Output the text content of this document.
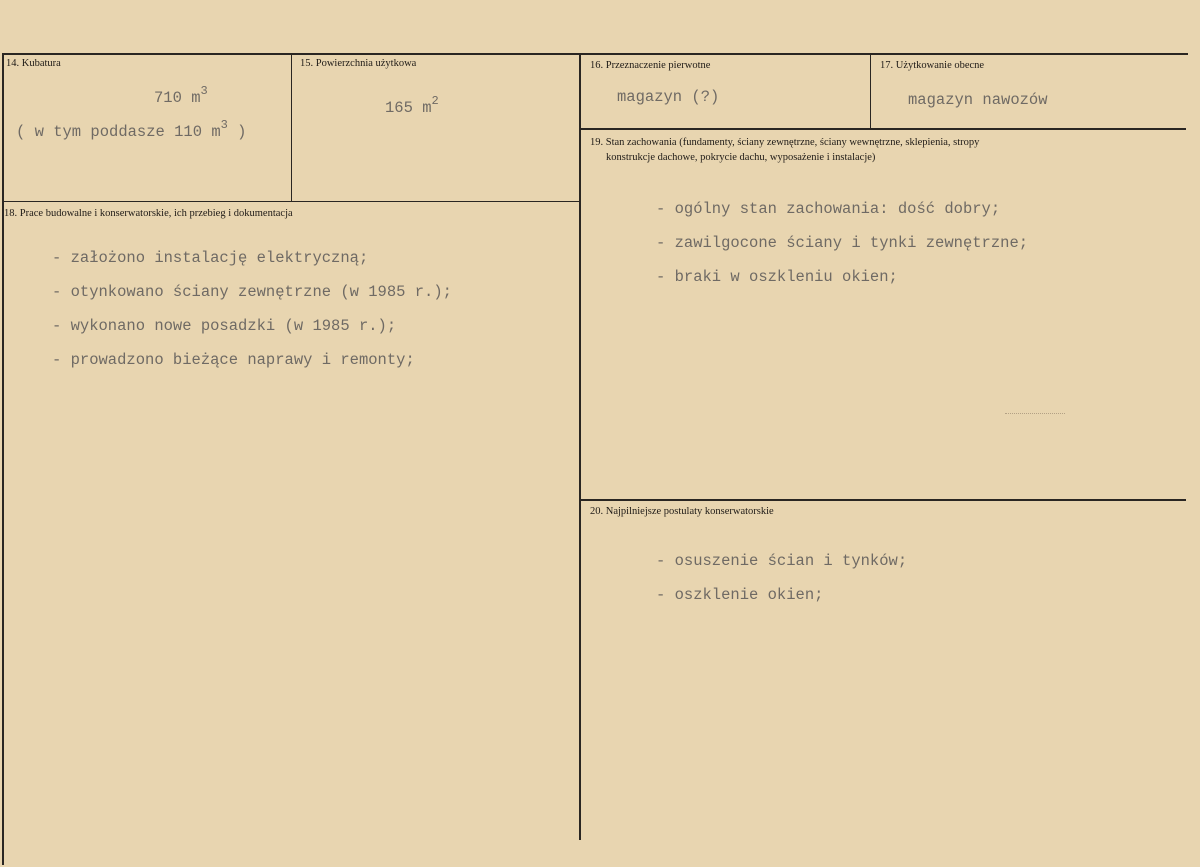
14. Kubatura
710 $m^3$
( w tym poddasze 110 $m^3$ )
15. Powierzchnia użytkowa
165 $m^2$
16. Przeznaczenie pierwotne
magazyn (?)
17. Użytkowanie obecne
magazyn nawozów
18. Prace budowalne i konserwatorskie, ich przebieg i dokumentacja
- założono instalację elektryczną;
- otynkowano ściany zewnętrzne (w 1985 r.);
- wykonano nowe posadzki (w 1985 r.);
- prowadzono bieżące naprawy i remonty;
19. Stan zachowania (fundamenty, ściany zewnętrzne, ściany wewnętrzne, sklepienia, stropy
konstrukcje dachowe, pokrycie dachu, wyposażenie i instalacje)
- ogólny stan zachowania: dość dobry;
- zawilgocone ściany i tynki zewnętrzne;
- braki w oszkleniu okien;
20. Najpilniejsze postulaty konserwatorskie
- osuszenie ścian i tynków;
- oszklenie okien;
